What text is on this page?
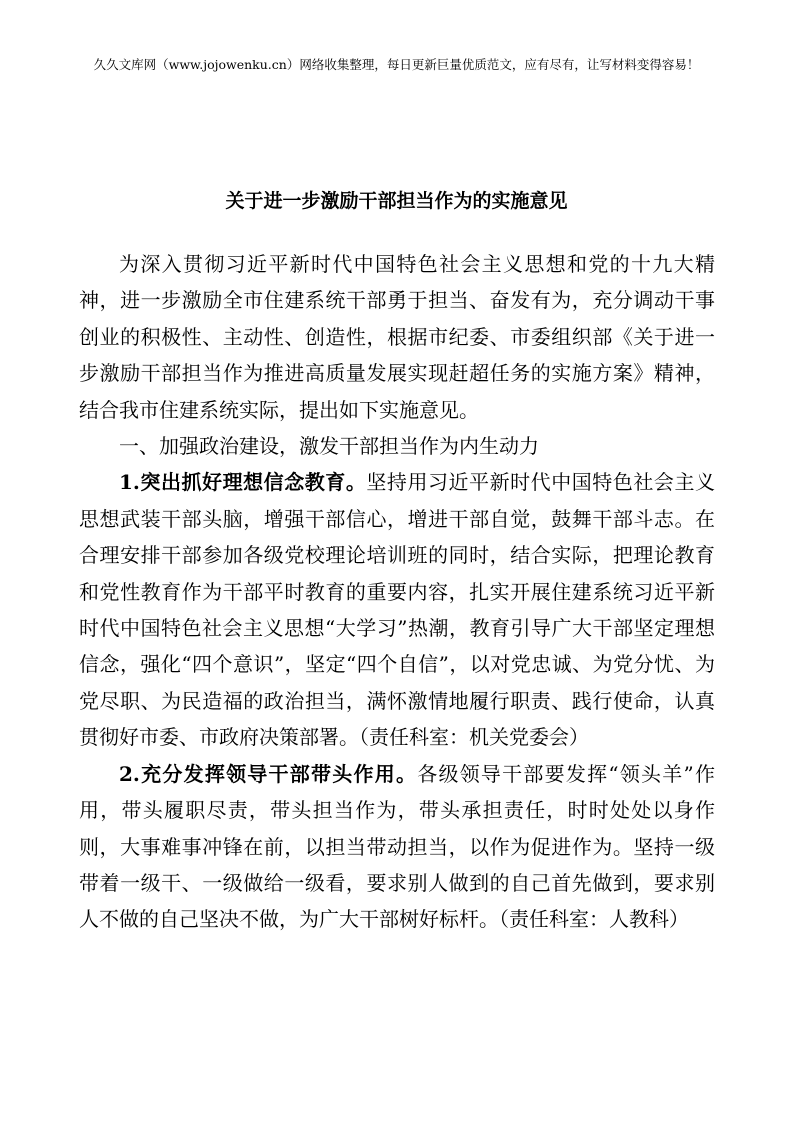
久久文库网（www.jojowenku.cn）网络收集整理，每日更新巨量优质范文，应有尽有，让写材料变得容易！
关于进一步激励干部担当作为的实施意见

为深入贯彻习近平新时代中国特色社会主义思想和党的十九大精神，进一步激励全市住建系统干部勇于担当、奋发有为，充分调动干事创业的积极性、主动性、创造性，根据市纪委、市委组织部《关于进一步激励干部担当作为推进高质量发展实现赶超任务的实施方案》精神，结合我市住建系统实际，提出如下实施意见。

一、加强政治建设，激发干部担当作为内生动力

1.突出抓好理想信念教育。坚持用习近平新时代中国特色社会主义思想武装干部头脑，增强干部信心，增进干部自觉，鼓舞干部斗志。在合理安排干部参加各级党校理论培训班的同时，结合实际，把理论教育和党性教育作为干部平时教育的重要内容，扎实开展住建系统习近平新时代中国特色社会主义思想“大学习”热潮，教育引导广大干部坚定理想信念，强化“四个意识”，坚定“四个自信”，以对党忠诚、为党分忧、为党尽职、为民造福的政治担当，满怀激情地履行职责、践行使命，认真贯彻好市委、市政府决策部署。（责任科室：机关党委会）

2.充分发挥领导干部带头作用。各级领导干部要发挥“领头羊”作用，带头履职尽责，带头担当作为，带头承担责任，时时处处以身作则，大事难事冲锋在前，以担当带动担当，以作为促进作为。坚持一级带着一级干、一级做给一级看，要求别人做到的自己首先做到，要求别人不做的自己坚决不做，为广大干部树好标杆。（责任科室：人教科）
